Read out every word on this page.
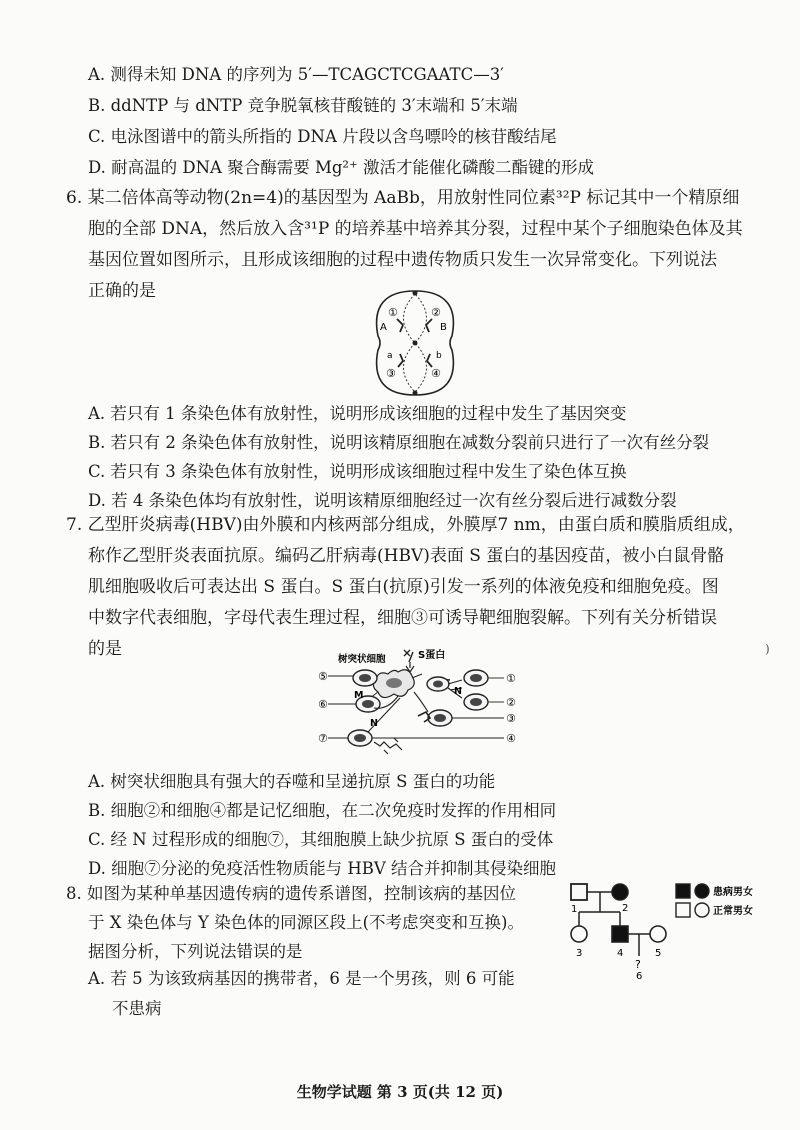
A. 测得未知 DNA 的序列为 5′—TCAGCTCGAATC—3′
B. ddNTP 与 dNTP 竞争脱氧核苷酸链的 3′末端和 5′末端
C. 电泳图谱中的箭头所指的 DNA 片段以含鸟嘌呤的核苷酸结尾
D. 耐高温的 DNA 聚合酶需要 Mg²⁺ 激活才能催化磷酸二酯键的形成
6. 某二倍体高等动物(2n=4)的基因型为 AaBb，用放射性同位素³²P 标记其中一个精原细
胞的全部 DNA，然后放入含³¹P 的培养基中培养其分裂，过程中某个子细胞染色体及其
基因位置如图所示，且形成该细胞的过程中遗传物质只发生一次异常变化。下列说法
正确的是
①	②
③	④
A	B
a	b
A. 若只有 1 条染色体有放射性，说明形成该细胞的过程中发生了基因突变
B. 若只有 2 条染色体有放射性，说明该精原细胞在减数分裂前只进行了一次有丝分裂
C. 若只有 3 条染色体有放射性，说明形成该细胞过程中发生了染色体互换
D. 若 4 条染色体均有放射性，说明该精原细胞经过一次有丝分裂后进行减数分裂
7. 乙型肝炎病毒(HBV)由外膜和内核两部分组成，外膜厚7 nm，由蛋白质和膜脂质组成，
称作乙型肝炎表面抗原。编码乙肝病毒(HBV)表面 S 蛋白的基因疫苗，被小白鼠骨骼
肌细胞吸收后可表达出 S 蛋白。S 蛋白(抗原)引发一系列的体液免疫和细胞免疫。图
中数字代表细胞，字母代表生理过程，细胞③可诱导靶细胞裂解。下列有关分析错误
的是	)
树突状细胞	S蛋白
⑤
⑥
⑦
①
②
③
④
M	N
N
A. 树突状细胞具有强大的吞噬和呈递抗原 S 蛋白的功能
B. 细胞②和细胞④都是记忆细胞，在二次免疫时发挥的作用相同
C. 经 N 过程形成的细胞⑦，其细胞膜上缺少抗原 S 蛋白的受体
D. 细胞⑦分泌的免疫活性物质能与 HBV 结合并抑制其侵染细胞
8. 如图为某种单基因遗传病的遗传系谱图，控制该病的基因位
于 X 染色体与 Y 染色体的同源区段上(不考虑突变和互换)。
据图分析，下列说法错误的是
A. 若 5 为该致病基因的携带者，6 是一个男孩，则 6 可能
不患病
1	2
3	4	5
?
6
患病男女
正常男女
生物学试题 第 3 页(共 12 页)
